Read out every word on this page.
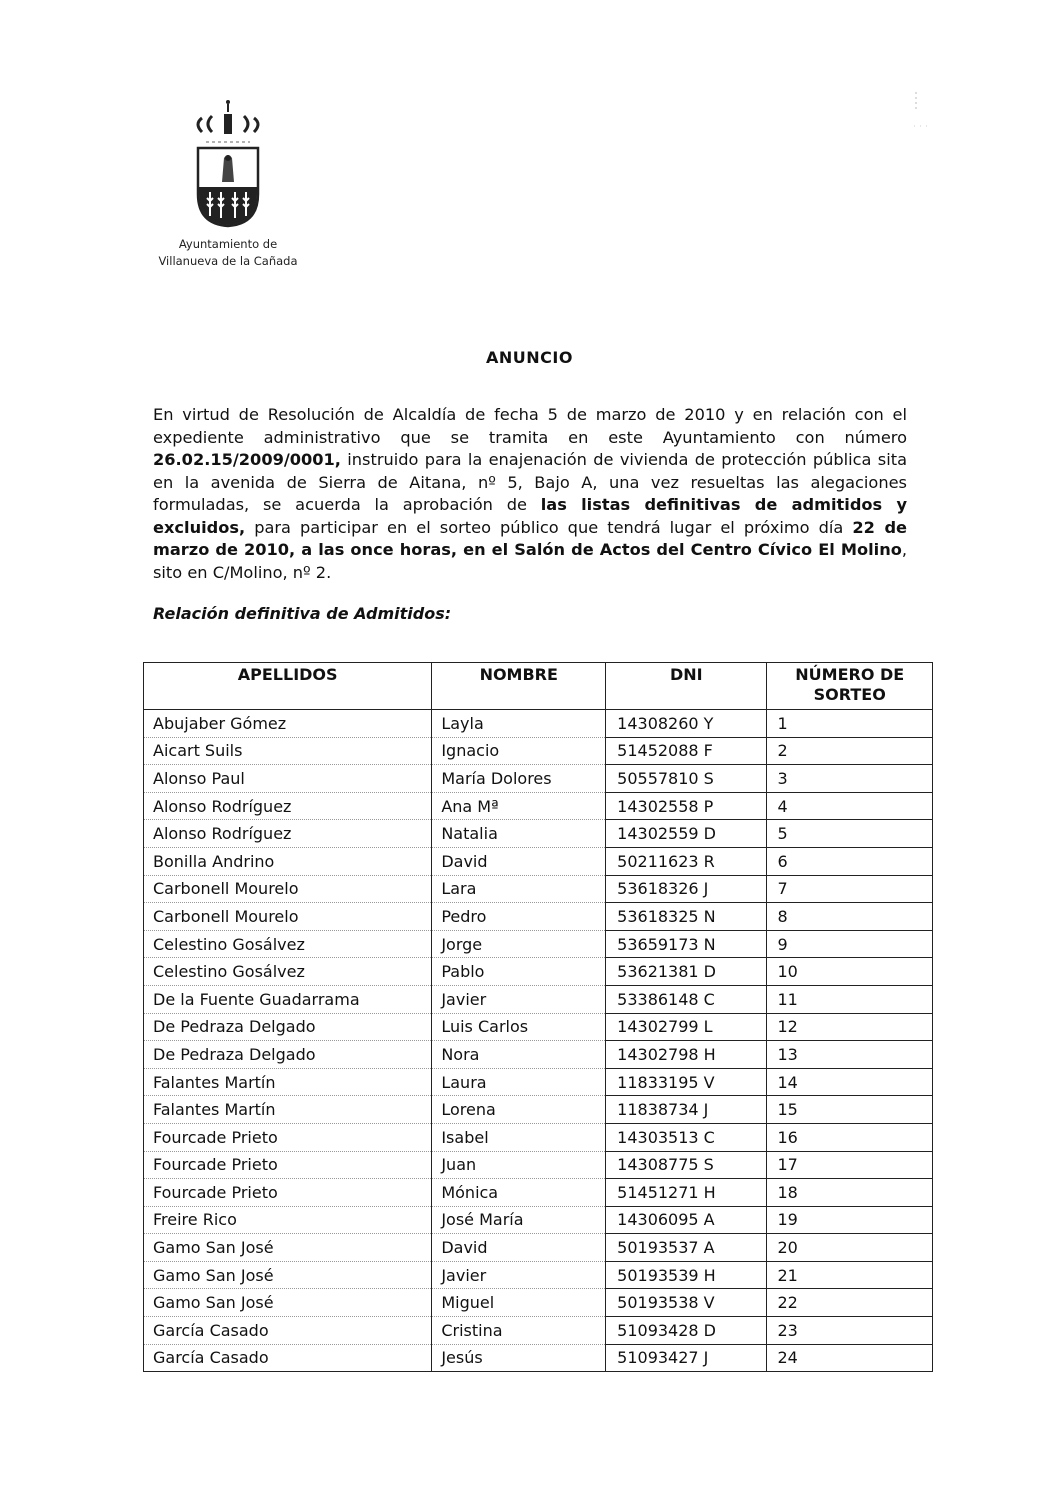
Ayuntamiento de
Villanueva de la Cañada
ANUNCIO
En virtud de Resolución de Alcaldía de fecha 5 de marzo de 2010 y en relación con el expediente administrativo que se tramita en este Ayuntamiento con número 26.02.15/2009/0001, instruido para la enajenación de vivienda de protección pública sita en la avenida de Sierra de Aitana, nº 5, Bajo A, una vez resueltas las alegaciones formuladas, se acuerda la aprobación de las listas definitivas de admitidos y excluidos, para participar en el sorteo público que tendrá lugar el próximo día 22 de marzo de 2010, a las once horas, en el Salón de Actos del Centro Cívico El Molino, sito en C/Molino, nº 2.
Relación definitiva de Admitidos:
APELLIDOS	NOMBRE	DNI	NÚMERO DE SORTEO
Abujaber Gómez	Layla	14308260 Y	1
Aicart Suils	Ignacio	51452088 F	2
Alonso Paul	María Dolores	50557810 S	3
Alonso Rodríguez	Ana Mª	14302558 P	4
Alonso Rodríguez	Natalia	14302559 D	5
Bonilla Andrino	David	50211623 R	6
Carbonell Mourelo	Lara	53618326 J	7
Carbonell Mourelo	Pedro	53618325 N	8
Celestino Gosálvez	Jorge	53659173 N	9
Celestino Gosálvez	Pablo	53621381 D	10
De la Fuente Guadarrama	Javier	53386148 C	11
De Pedraza Delgado	Luis Carlos	14302799 L	12
De Pedraza Delgado	Nora	14302798 H	13
Falantes Martín	Laura	11833195 V	14
Falantes Martín	Lorena	11838734 J	15
Fourcade Prieto	Isabel	14303513 C	16
Fourcade Prieto	Juan	14308775 S	17
Fourcade Prieto	Mónica	51451271 H	18
Freire Rico	José María	14306095 A	19
Gamo San José	David	50193537 A	20
Gamo San José	Javier	50193539 H	21
Gamo San José	Miguel	50193538 V	22
García Casado	Cristina	51093428 D	23
García Casado	Jesús	51093427 J	24
